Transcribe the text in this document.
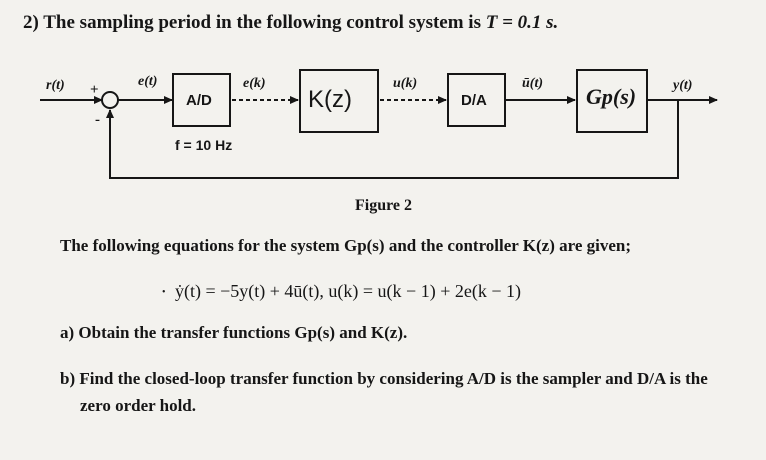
2) The sampling period in the following control system is T = 0.1 s.
r(t) +
-
e(t)	e(k)	u(k)	ū(t)	y(t)
A/D	K(z)	D/A	Gp(s)
f = 10 Hz
Figure 2
The following equations for the system Gp(s) and the controller K(z) are given;
• ẏ(t) = −5y(t) + 4ū(t), u(k) = u(k − 1) + 2e(k − 1)
a) Obtain the transfer functions Gp(s) and K(z).
b) Find the closed-loop transfer function by considering A/D is the sampler and D/A is the
zero order hold.
